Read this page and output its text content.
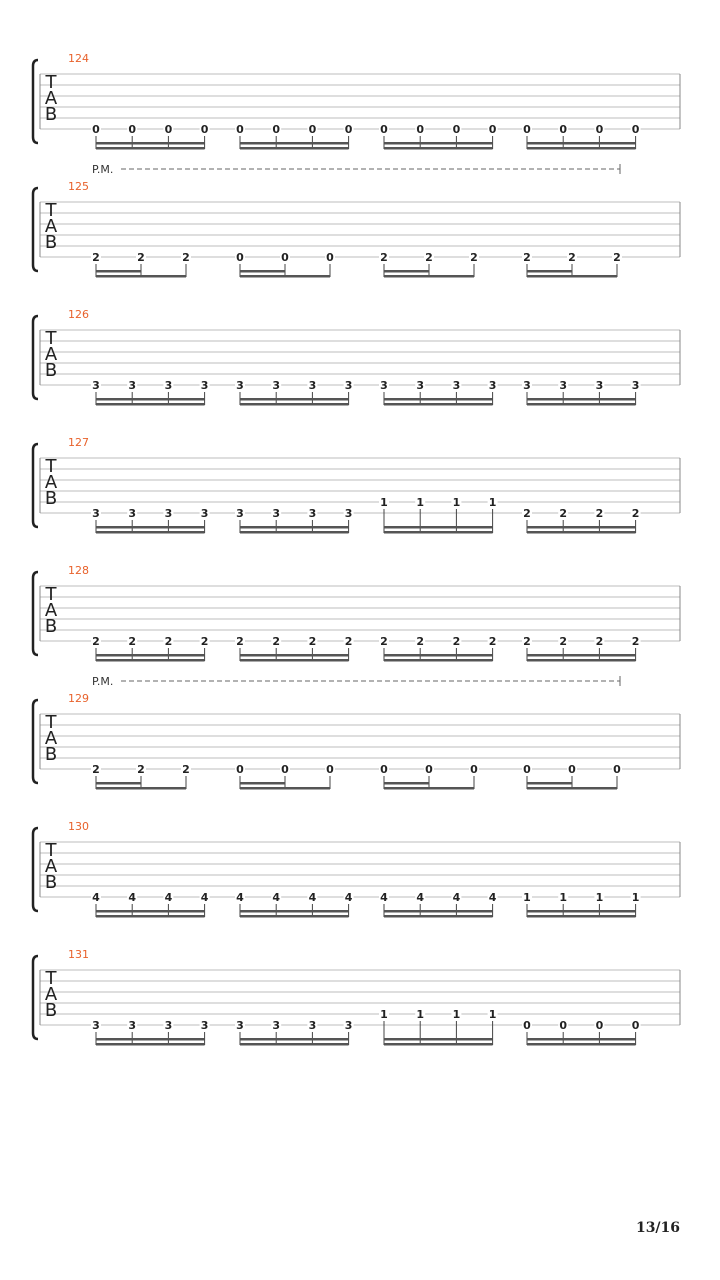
T
A
B
124
0	0	0	0	0	0	0	0	0	0	0	0 0	0	0	0
T
A
B
125
P.M.
2	2	2	0	0	0	2	2	2	2	2	2
T
A
B
126
3	3	3	3	3	3	3	3	3	3	3	3 3	3	3	3
T
A
B
127
3	3	3	3	3	3	3	3
1	1	1	1
2	2	2	2
T
A
B
128
2	2	2	2	2	2	2	2	2	2	2	2 2	2	2	2
T
A
B
129
P.M.
2	2	2	0	0	0	0	0	0	0	0	0
T
A
B
130
4	4	4	4	4	4	4	4	4	4	4	4 1	1	1	1
T
A
B
131
3	3	3	3	3	3	3	3
1	1	1	1
0	0	0	0
13/16
